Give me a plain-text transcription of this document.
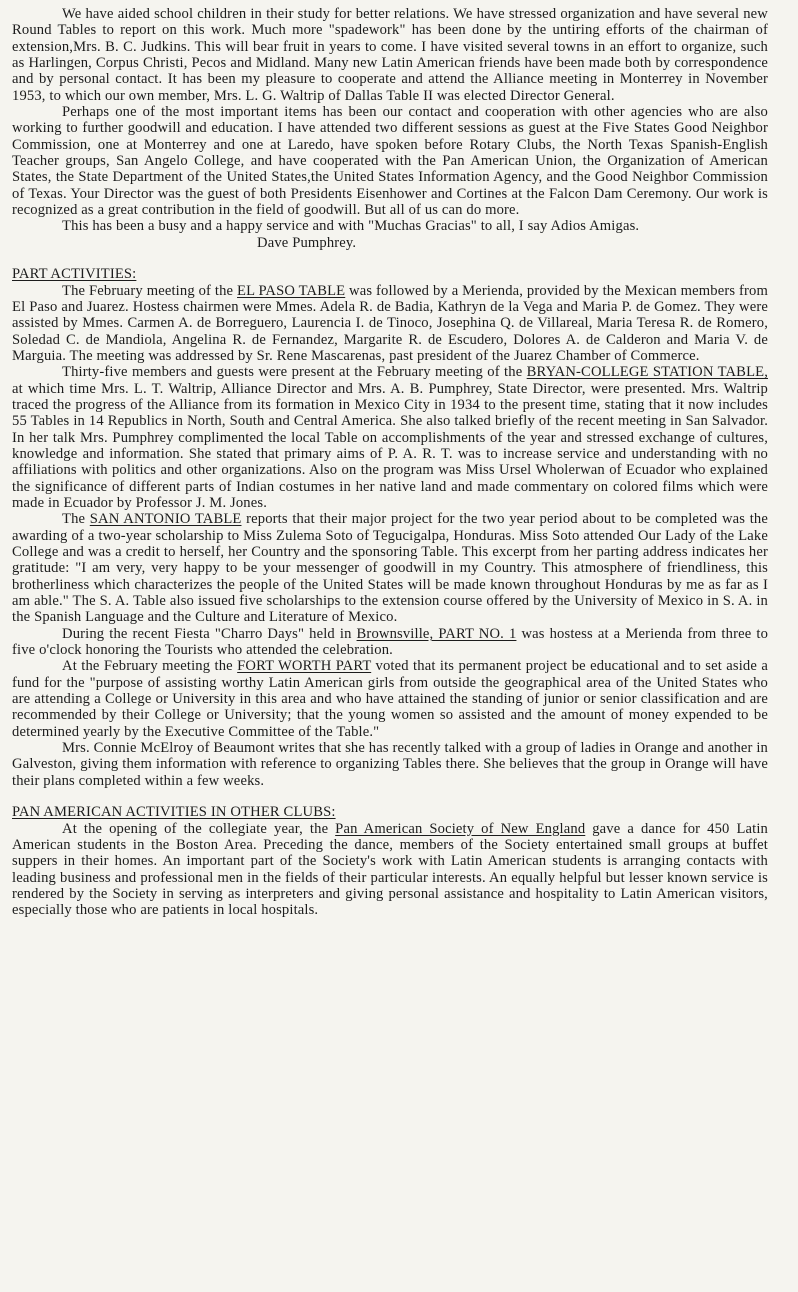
We have aided school children in their study for better relations. We have stressed organization and have several new Round Tables to report on this work. Much more "spadework" has been done by the untiring efforts of the chairman of extension,Mrs. B. C. Judkins. This will bear fruit in years to come. I have visited several towns in an effort to organize, such as Harlingen, Corpus Christi, Pecos and Midland. Many new Latin American friends have been made both by correspondence and by personal contact. It has been my pleasure to cooperate and attend the Alliance meeting in Monterrey in November 1953, to which our own member, Mrs. L. G. Waltrip of Dallas Table II was elected Director General.

Perhaps one of the most important items has been our contact and cooperation with other agencies who are also working to further goodwill and education. I have attended two different sessions as guest at the Five States Good Neighbor Commission, one at Monterrey and one at Laredo, have spoken before Rotary Clubs, the North Texas Spanish-English Teacher groups, San Angelo College, and have cooperated with the Pan American Union, the Organization of American States, the State Department of the United States,the United States Information Agency, and the Good Neighbor Commission of Texas. Your Director was the guest of both Presidents Eisenhower and Cortines at the Falcon Dam Ceremony. Our work is recognized as a great contribution in the field of goodwill. But all of us can do more.

This has been a busy and a happy service and with "Muchas Gracias" to all, I say Adios Amigas.

Dave Pumphrey.

PART ACTIVITIES:

The February meeting of the EL PASO TABLE was followed by a Merienda, provided by the Mexican members from El Paso and Juarez. Hostess chairmen were Mmes. Adela R. de Badia, Kathryn de la Vega and Maria P. de Gomez. They were assisted by Mmes. Carmen A. de Borreguero, Laurencia I. de Tinoco, Josephina Q. de Villareal, Maria Teresa R. de Romero, Soledad C. de Mandiola, Angelina R. de Fernandez, Margarite R. de Escudero, Dolores A. de Calderon and Maria V. de Marguia. The meeting was addressed by Sr. Rene Mascarenas, past president of the Juarez Chamber of Commerce.

Thirty-five members and guests were present at the February meeting of the BRYAN-COLLEGE STATION TABLE, at which time Mrs. L. T. Waltrip, Alliance Director and Mrs. A. B. Pumphrey, State Director, were presented. Mrs. Waltrip traced the progress of the Alliance from its formation in Mexico City in 1934 to the present time, stating that it now includes 55 Tables in 14 Republics in North, South and Central America. She also talked briefly of the recent meeting in San Salvador. In her talk Mrs. Pumphrey complimented the local Table on accomplishments of the year and stressed exchange of cultures, knowledge and information. She stated that primary aims of P. A. R. T. was to increase service and understanding with no affiliations with politics and other organizations. Also on the program was Miss Ursel Wholerwan of Ecuador who explained the significance of different parts of Indian costumes in her native land and made commentary on colored films which were made in Ecuador by Professor J. M. Jones.

The SAN ANTONIO TABLE reports that their major project for the two year period about to be completed was the awarding of a two-year scholarship to Miss Zulema Soto of Tegucigalpa, Honduras. Miss Soto attended Our Lady of the Lake College and was a credit to herself, her Country and the sponsoring Table. This excerpt from her parting address indicates her gratitude: "I am very, very happy to be your messenger of goodwill in my Country. This atmosphere of friendliness, this brotherliness which characterizes the people of the United States will be made known throughout Honduras by me as far as I am able." The S. A. Table also issued five scholarships to the extension course offered by the University of Mexico in S. A. in the Spanish Language and the Culture and Literature of Mexico.

During the recent Fiesta "Charro Days" held in Brownsville, PART NO. 1 was hostess at a Merienda from three to five o'clock honoring the Tourists who attended the celebration.

At the February meeting the FORT WORTH PART voted that its permanent project be educational and to set aside a fund for the "purpose of assisting worthy Latin American girls from outside the geographical area of the United States who are attending a College or University in this area and who have attained the standing of junior or senior classification and are recommended by their College or University; that the young women so assisted and the amount of money expended to be determined yearly by the Executive Committee of the Table."

Mrs. Connie McElroy of Beaumont writes that she has recently talked with a group of ladies in Orange and another in Galveston, giving them information with reference to organizing Tables there. She believes that the group in Orange will have their plans completed within a few weeks.

PAN AMERICAN ACTIVITIES IN OTHER CLUBS:

At the opening of the collegiate year, the Pan American Society of New England gave a dance for 450 Latin American students in the Boston Area. Preceding the dance, members of the Society entertained small groups at buffet suppers in their homes. An important part of the Society's work with Latin American students is arranging contacts with leading business and professional men in the fields of their particular interests. An equally helpful but lesser known service is rendered by the Society in serving as interpreters and giving personal assistance and hospitality to Latin American visitors, especially those who are patients in local hospitals.
